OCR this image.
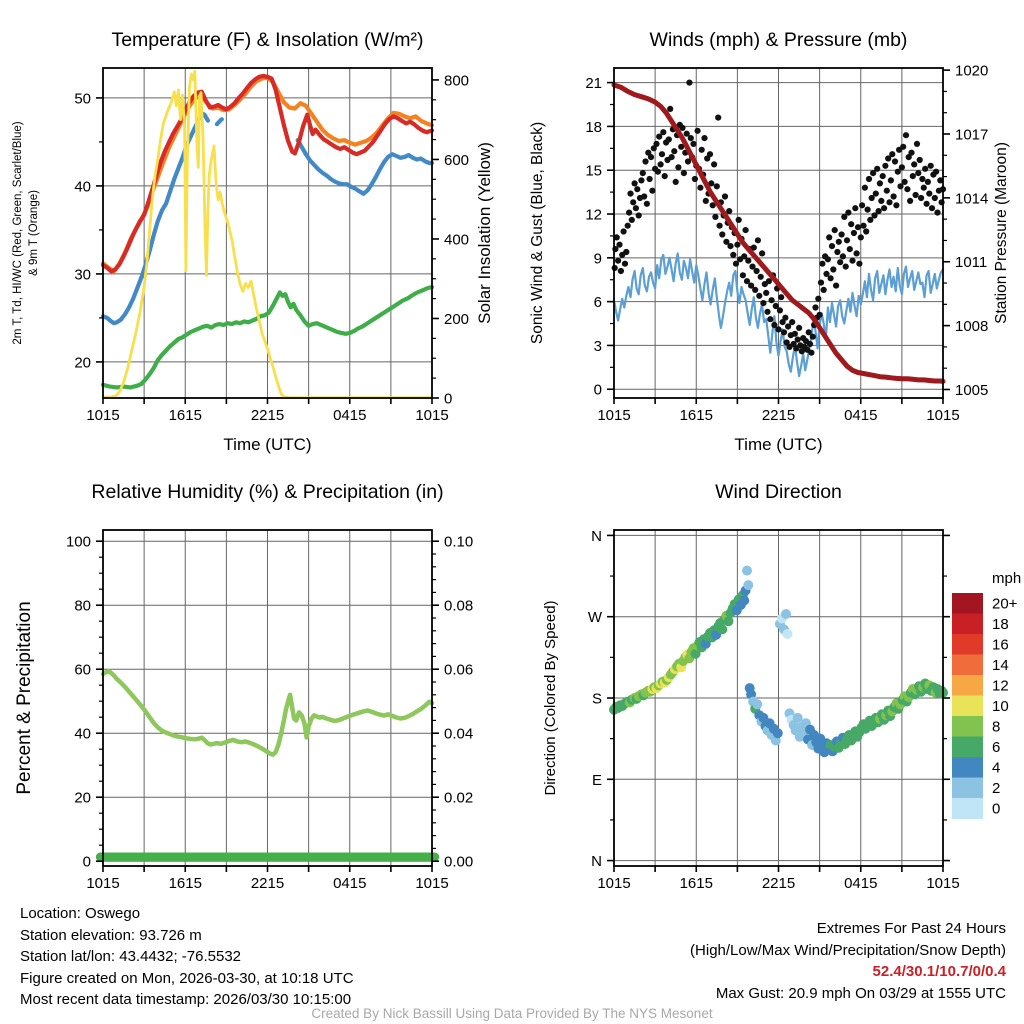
20
30
40
50
0
200
400
600
800
1015	1615	2215	0415	1015
Time (UTC)
Temperature (F) & Insolation (W/m²)
2m T, Td, HI/WC (Red, Green, Scarlet/Blue) & 9m T (Orange)	Solar Insolation (Yellow)
0
3
6
9
12
15
18
21
1005
1008
1011
1014
1017
1020
1015	1615	2215	0415	1015
Time (UTC)
Winds (mph) & Pressure (mb)
Sonic Wind & Gust (Blue, Black)	Station Pressure (Maroon)
0
20
40
60
80
100
0.00
0.02
0.04
0.06
0.08
0.10
1015	1615	2215	0415	1015
Relative Humidity (%) & Precipitation (in)
Percent & Precipitation
N
E
S
W
N
1015	1615	2215	0415	1015
Wind Direction
Direction (Colored By Speed)
mph
20+
18
16
14
12
10
8
6
4
2
0
Location: Oswego
Station elevation: 93.726 m
Station lat/lon: 43.4432; -76.5532
Figure created on Mon, 2026-03-30, at 10:18 UTC
Most recent data timestamp: 2026/03/30 10:15:00
Extremes For Past 24 Hours
(High/Low/Max Wind/Precipitation/Snow Depth)
52.4/30.1/10.7/0/0.4
Max Gust: 20.9 mph On 03/29 at 1555 UTC
Created By Nick Bassill Using Data Provided By The NYS Mesonet
